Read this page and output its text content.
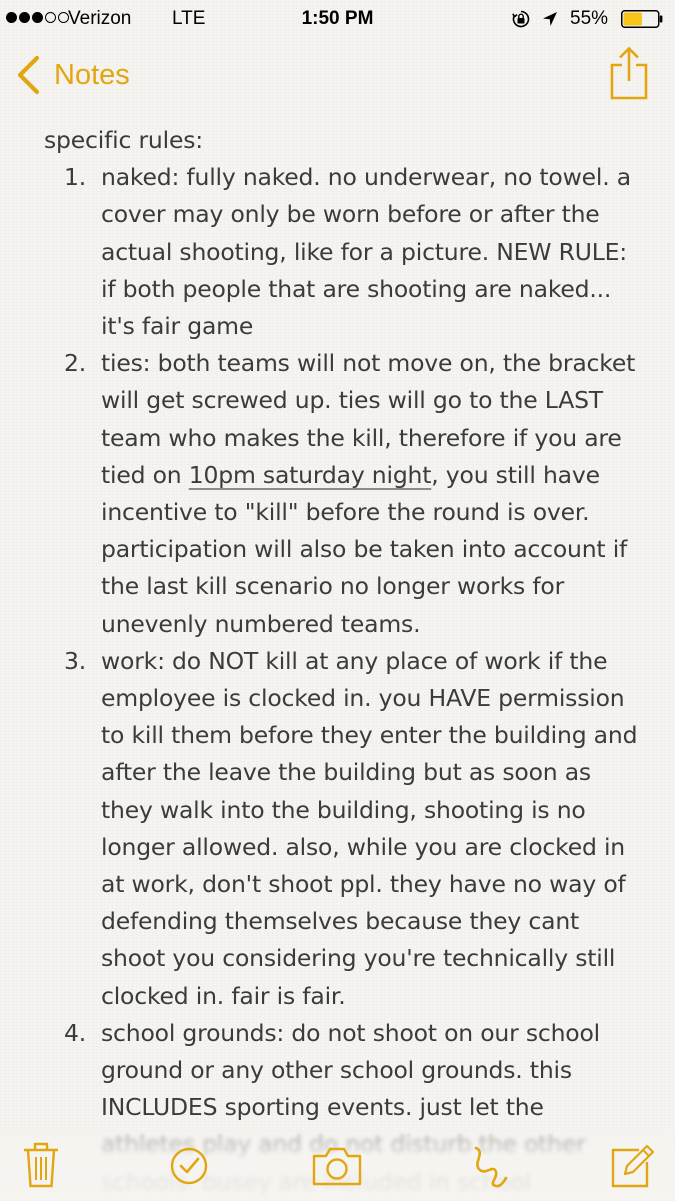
Verizon LTE	1:50 PM	55%
Notes

specific rules:

1. naked: fully naked. no underwear, no towel. a
cover may only be worn before or after the
actual shooting, like for a picture. NEW RULE:
if both people that are shooting are naked...
it's fair game
2. ties: both teams will not move on, the bracket
will get screwed up. ties will go to the LAST
team who makes the kill, therefore if you are
tied on 10pm saturday night, you still have
incentive to "kill" before the round is over.
participation will also be taken into account if
the last kill scenario no longer works for
unevenly numbered teams.
3. work: do NOT kill at any place of work if the
employee is clocked in. you HAVE permission
to kill them before they enter the building and
after the leave the building but as soon as
they walk into the building, shooting is no
longer allowed. also, while you are clocked in
at work, don't shoot ppl. they have no way of
defending themselves because they cant
shoot you considering you're technically still
clocked in. fair is fair.
4. school grounds: do not shoot on our school
ground or any other school grounds. this
INCLUDES sporting events. just let the
